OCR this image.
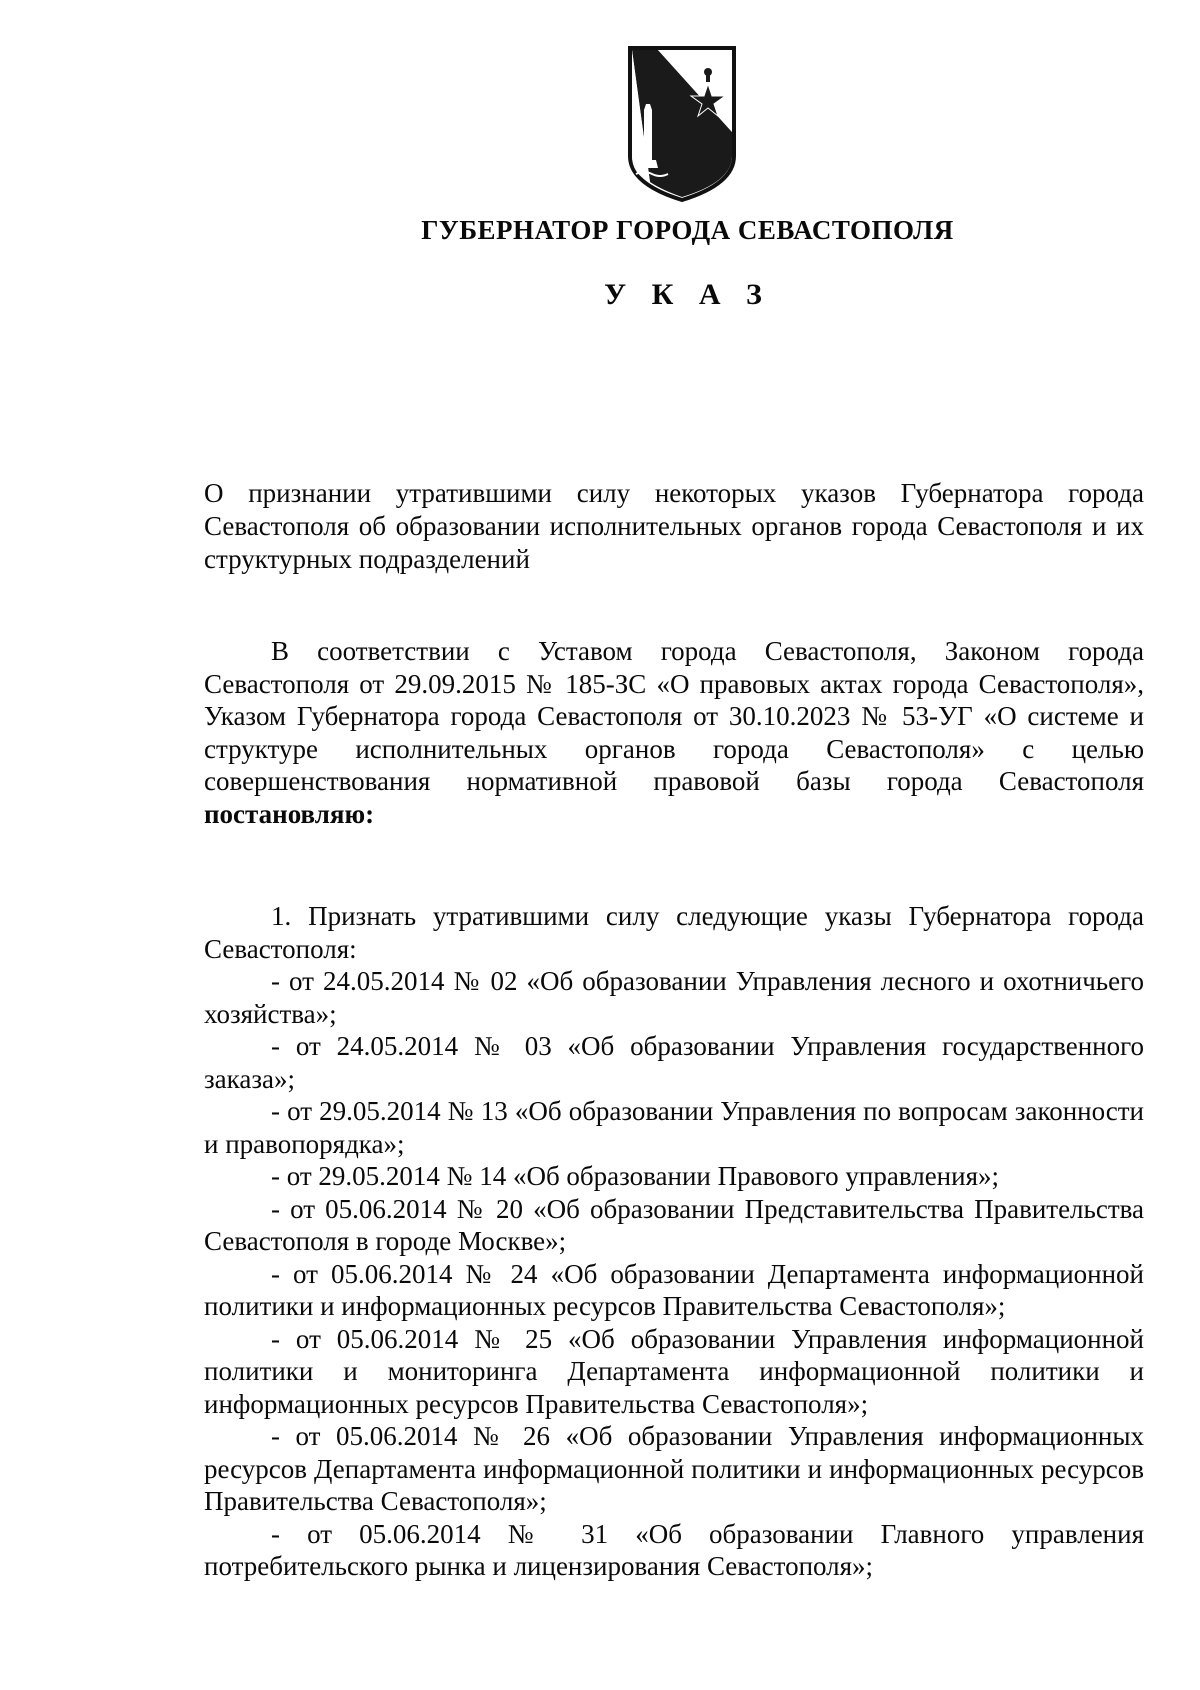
ГУБЕРНАТОР ГОРОДА СЕВАСТОПОЛЯ
У К А З
О признании утратившими силу некоторых указов Губернатора города Севастополя об образовании исполнительных органов города Севастополя и их структурных подразделений
В соответствии с Уставом города Севастополя, Законом города Севастополя от 29.09.2015 № 185-ЗС «О правовых актах города Севастополя», Указом Губернатора города Севастополя от 30.10.2023 № 53-УГ «О системе и структуре исполнительных органов города Севастополя» с целью совершенствования нормативной правовой базы города Севастополя постановляю:

1. Признать утратившими силу следующие указы Губернатора города Севастополя:

- от 24.05.2014 № 02 «Об образовании Управления лесного и охотничьего хозяйства»;

- от 24.05.2014 № 03 «Об образовании Управления государственного заказа»;

- от 29.05.2014 № 13 «Об образовании Управления по вопросам законности и правопорядка»;

- от 29.05.2014 № 14 «Об образовании Правового управления»;

- от 05.06.2014 № 20 «Об образовании Представительства Правительства Севастополя в городе Москве»;

- от 05.06.2014 № 24 «Об образовании Департамента информационной политики и информационных ресурсов Правительства Севастополя»;

- от 05.06.2014 № 25 «Об образовании Управления информационной политики и мониторинга Департамента информационной политики и информационных ресурсов Правительства Севастополя»;

- от 05.06.2014 № 26 «Об образовании Управления информационных ресурсов Департамента информационной политики и информационных ресурсов Правительства Севастополя»;

- от 05.06.2014 № 31 «Об образовании Главного управления потребительского рынка и лицензирования Севастополя»;
